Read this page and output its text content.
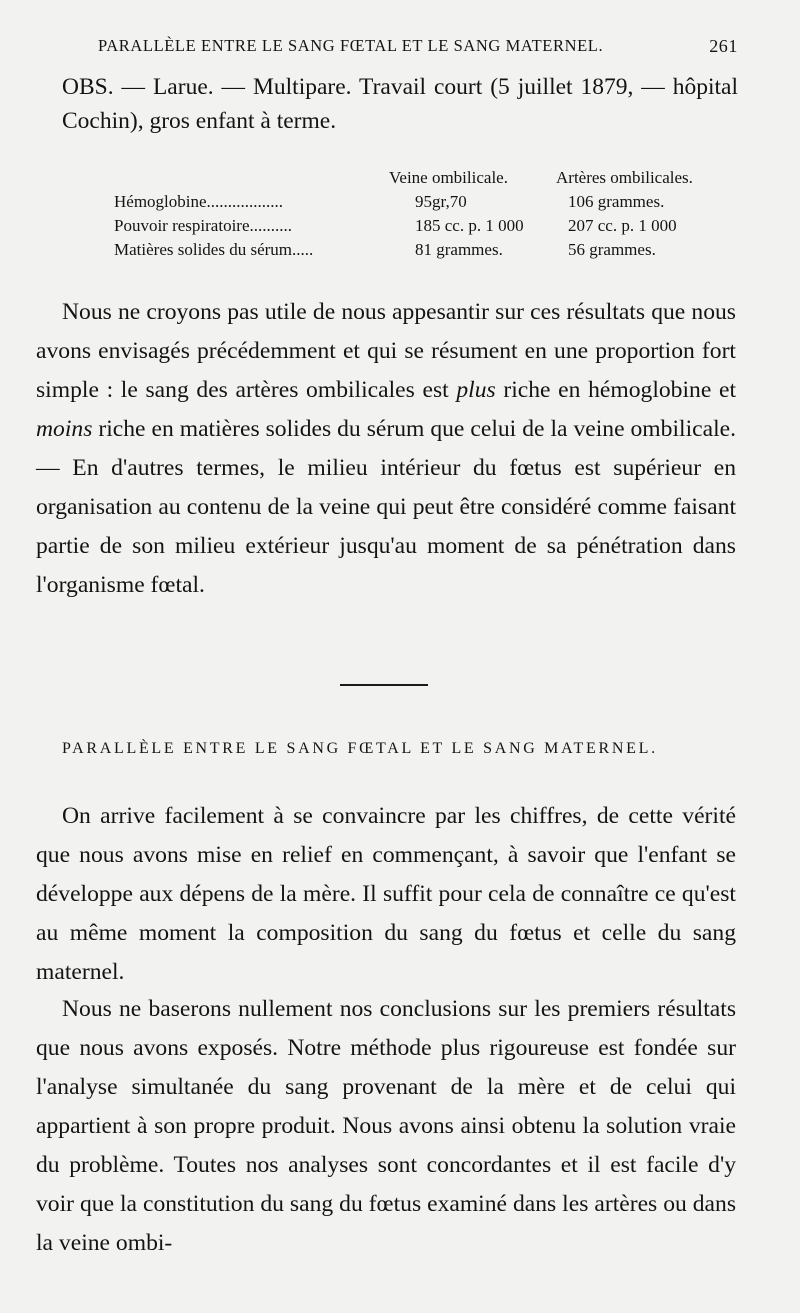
PARALLÈLE ENTRE LE SANG FŒTAL ET LE SANG MATERNEL.	261
OBS. — Larue. — Multipare. Travail court (5 juillet 1879, — hôpital Cochin), gros enfant à terme.
Veine ombilicale.	Artères ombilicales.
Hémoglobine..................	95gr,70	106 grammes.
Pouvoir respiratoire..........	185 cc. p. 1 000	207 cc. p. 1 000
Matières solides du sérum.....	81 grammes.	56 grammes.
Nous ne croyons pas utile de nous appesantir sur ces résultats que nous avons envisagés précédemment et qui se résument en une proportion fort simple : le sang des artères ombilicales est plus riche en hémoglobine et moins riche en matières solides du sérum que celui de la veine ombilicale. — En d'autres termes, le milieu intérieur du fœtus est supérieur en organisation au contenu de la veine qui peut être considéré comme faisant partie de son milieu extérieur jusqu'au moment de sa pénétration dans l'organisme fœtal.
PARALLÈLE ENTRE LE SANG FŒTAL ET LE SANG MATERNEL.
On arrive facilement à se convaincre par les chiffres, de cette vérité que nous avons mise en relief en commençant, à savoir que l'enfant se développe aux dépens de la mère. Il suffit pour cela de connaître ce qu'est au même moment la composition du sang du fœtus et celle du sang maternel.
Nous ne baserons nullement nos conclusions sur les premiers résultats que nous avons exposés. Notre méthode plus rigoureuse est fondée sur l'analyse simultanée du sang provenant de la mère et de celui qui appartient à son propre produit. Nous avons ainsi obtenu la solution vraie du problème. Toutes nos analyses sont concordantes et il est facile d'y voir que la constitution du sang du fœtus examiné dans les artères ou dans la veine ombi-
